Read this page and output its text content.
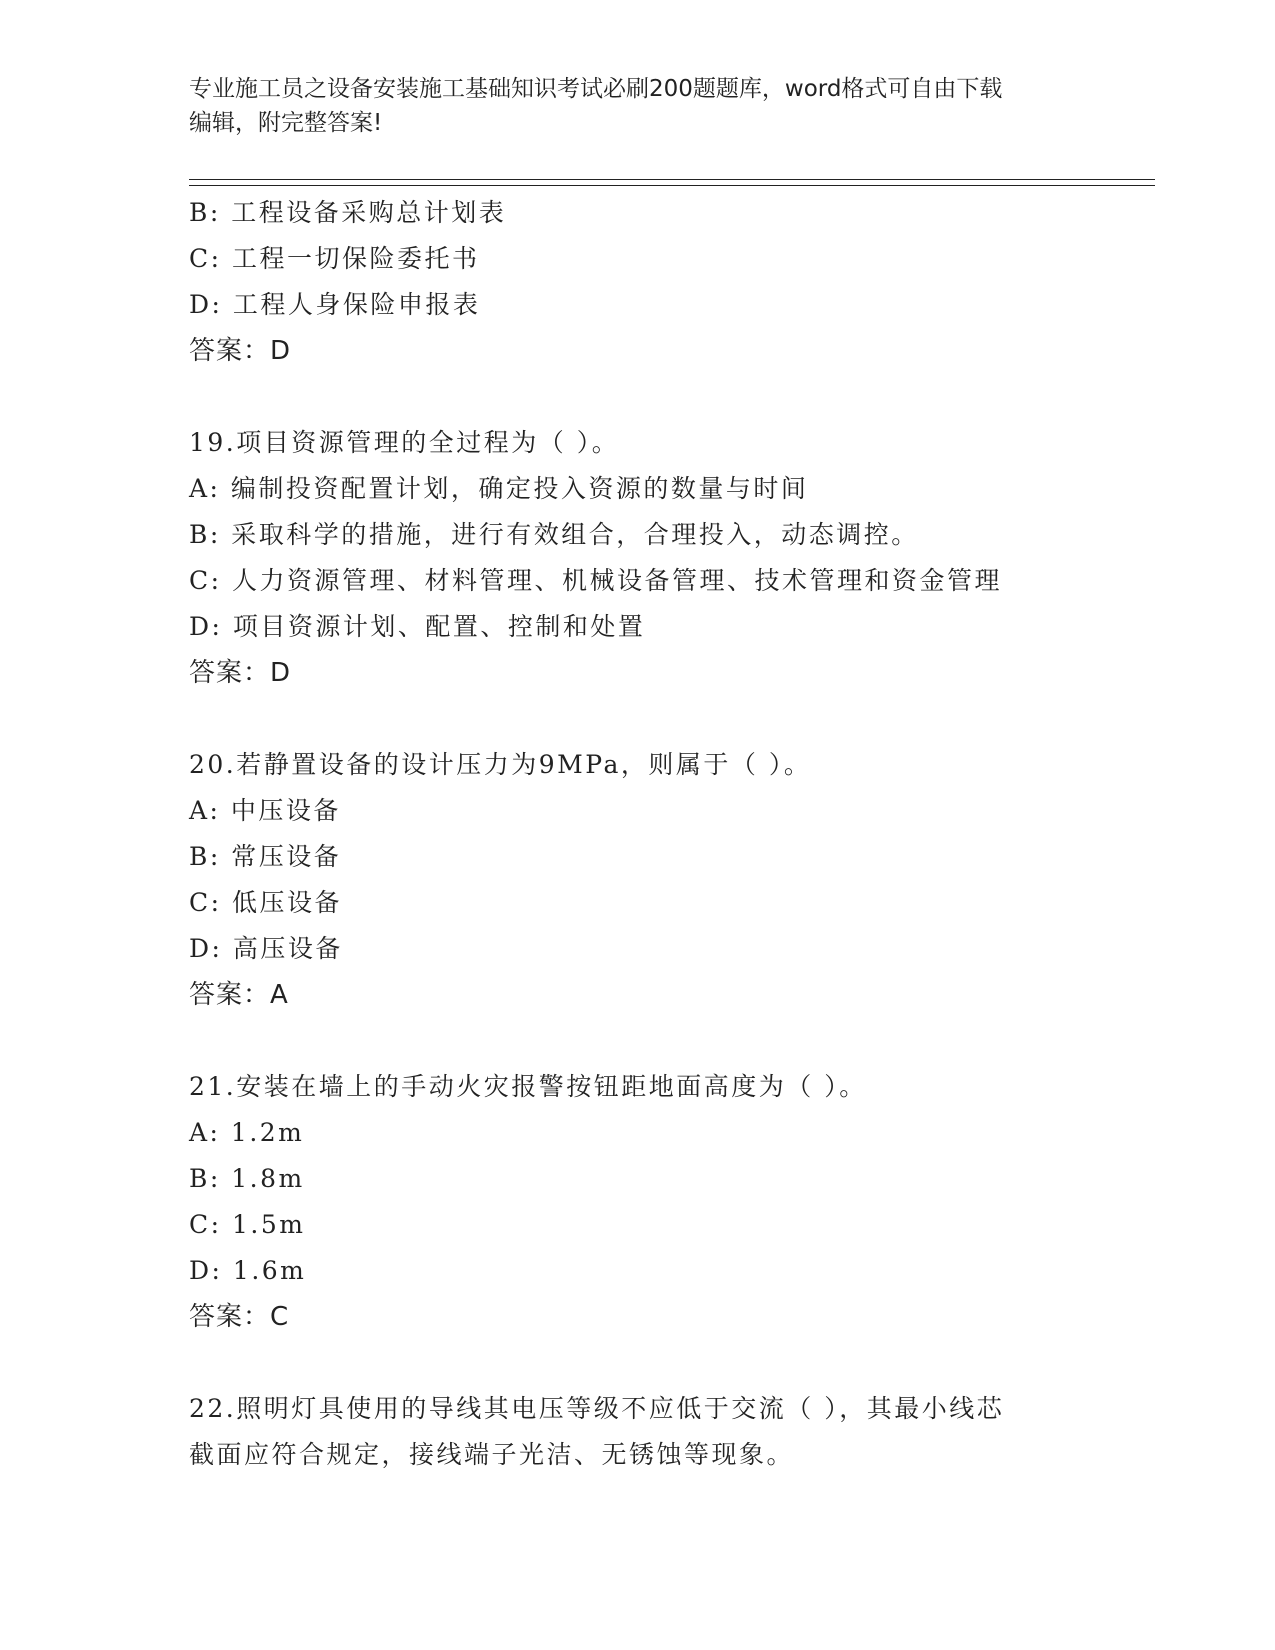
专业施工员之设备安装施工基础知识考试必刷200题题库，word格式可自由下载
编辑，附完整答案!
B: 工程设备采购总计划表
C: 工程一切保险委托书
D: 工程人身保险申报表
答案：D
19.项目资源管理的全过程为（ ）。
A: 编制投资配置计划，确定投入资源的数量与时间
B: 采取科学的措施，进行有效组合，合理投入，动态调控。
C: 人力资源管理、材料管理、机械设备管理、技术管理和资金管理
D: 项目资源计划、配置、控制和处置
答案：D
20.若静置设备的设计压力为9MPa，则属于（ ）。
A: 中压设备
B: 常压设备
C: 低压设备
D: 高压设备
答案：A
21.安装在墙上的手动火灾报警按钮距地面高度为（ ）。
A: 1.2m
B: 1.8m
C: 1.5m
D: 1.6m
答案：C
22.照明灯具使用的导线其电压等级不应低于交流（ ），其最小线芯
截面应符合规定，接线端子光洁、无锈蚀等现象。
